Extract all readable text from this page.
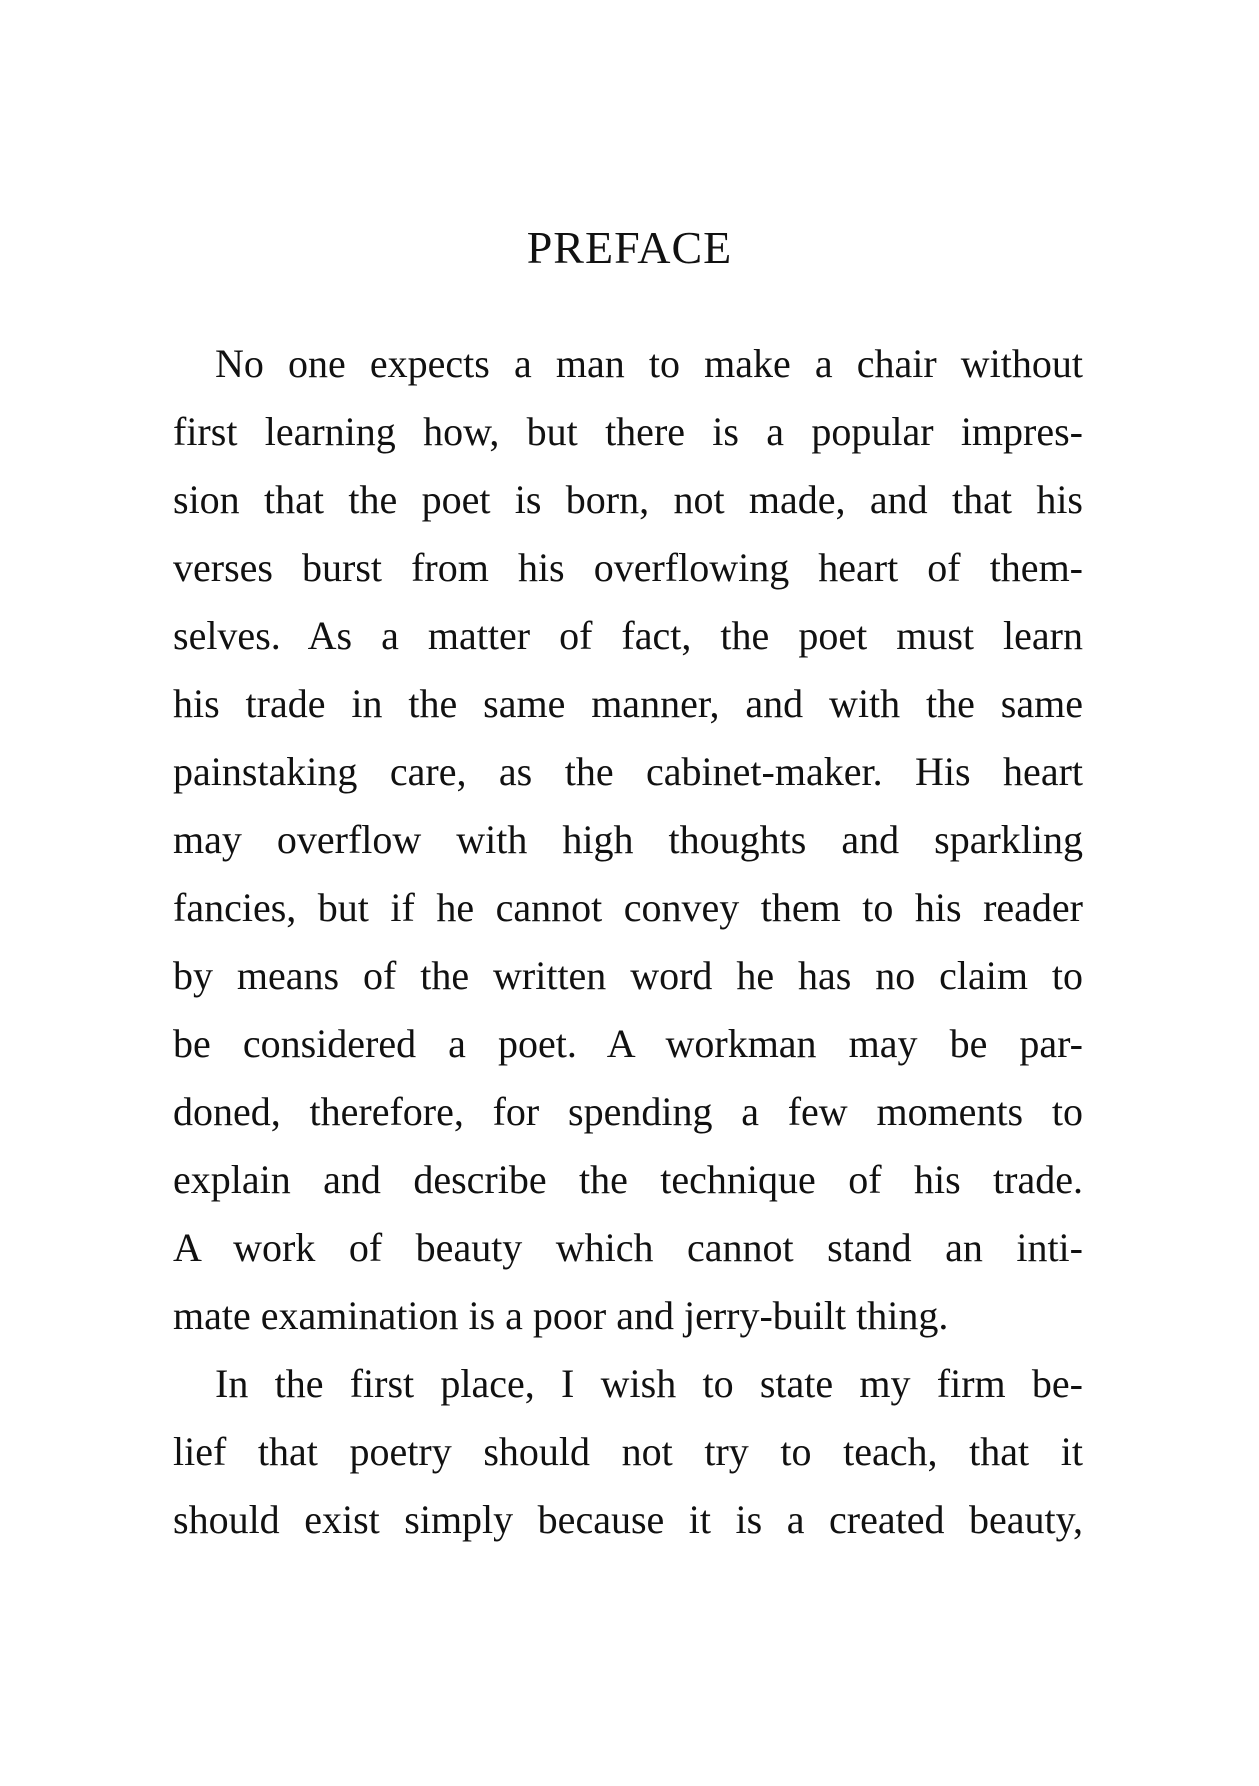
PREFACE
No one expects a man to make a chair without
first learning how, but there is a popular impres-
sion that the poet is born, not made, and that his
verses burst from his overflowing heart of them-
selves. As a matter of fact, the poet must learn
his trade in the same manner, and with the same
painstaking care, as the cabinet-maker. His heart
may overflow with high thoughts and sparkling
fancies, but if he cannot convey them to his reader
by means of the written word he has no claim to
be considered a poet. A workman may be par-
doned, therefore, for spending a few moments to
explain and describe the technique of his trade.
A work of beauty which cannot stand an inti-
mate examination is a poor and jerry-built thing.
In the first place, I wish to state my firm be-
lief that poetry should not try to teach, that it
should exist simply because it is a created beauty,
